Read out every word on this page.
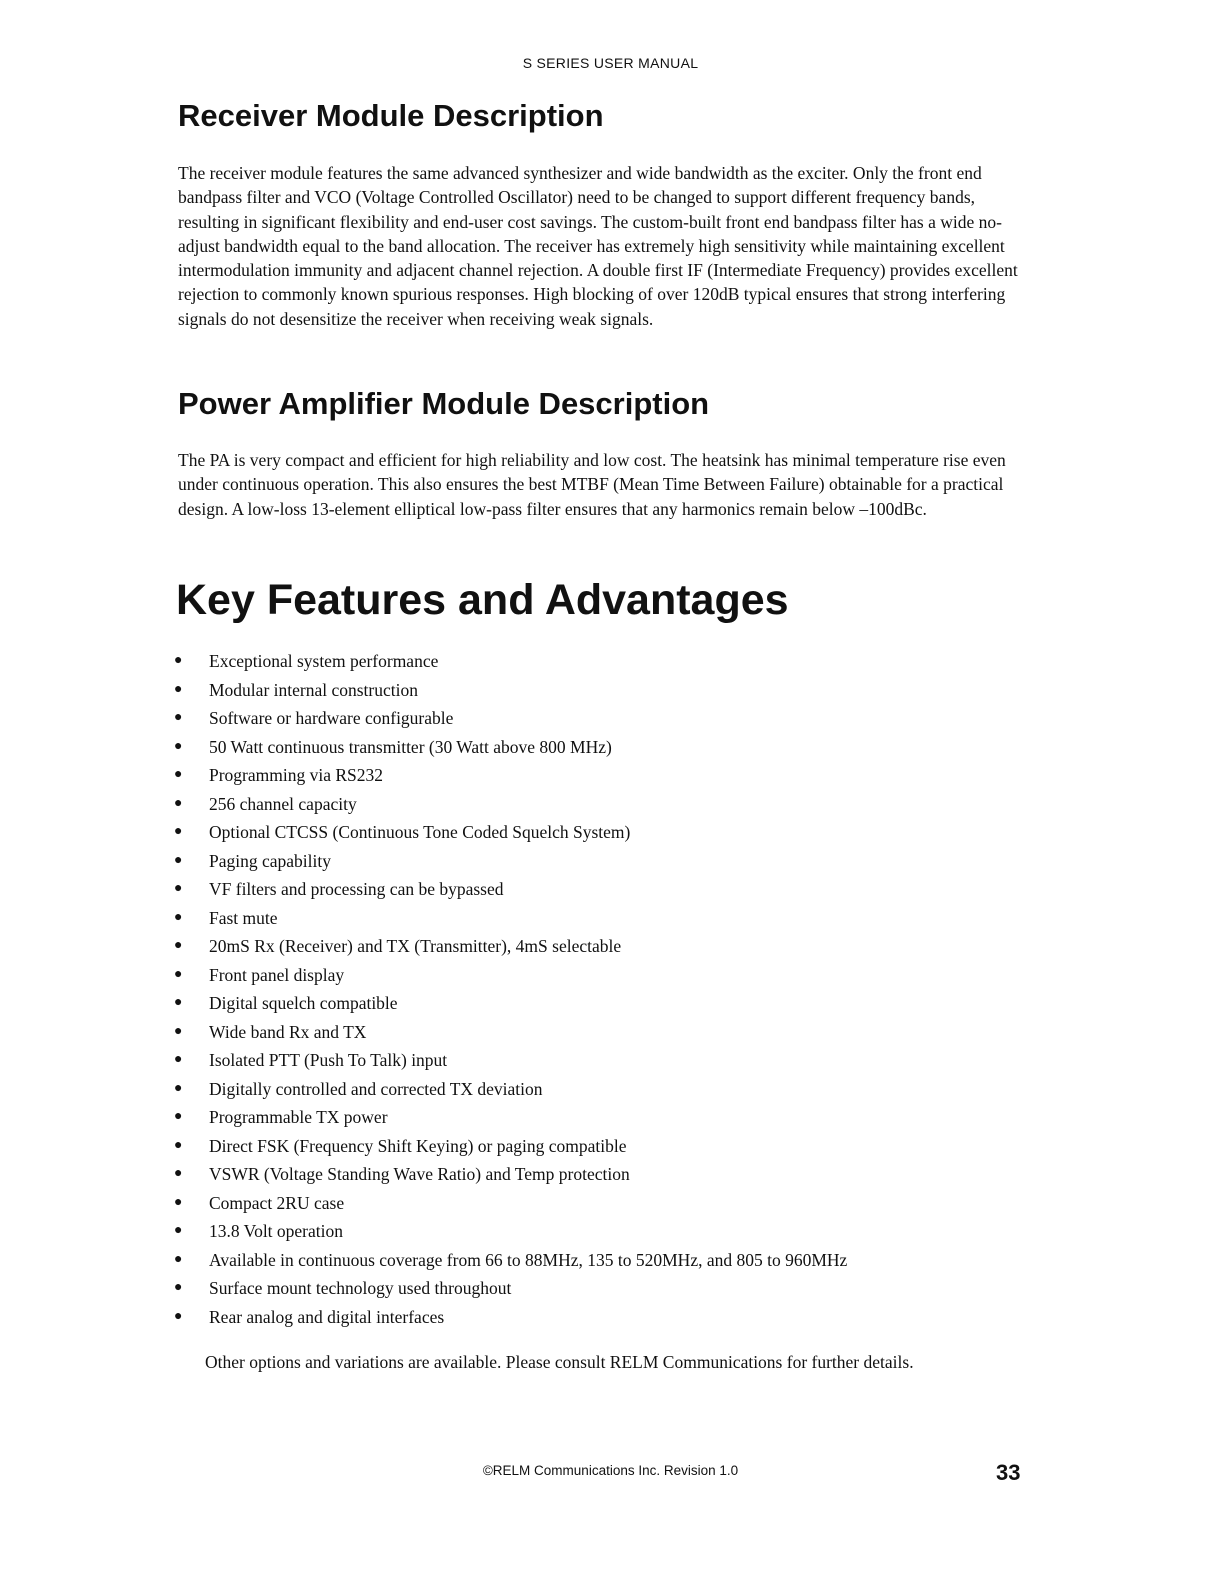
S SERIES USER MANUAL
Receiver Module Description

The receiver module features the same advanced synthesizer and wide bandwidth as the exciter. Only the front end bandpass filter and VCO (Voltage Controlled Oscillator) need to be changed to support different frequency bands, resulting in significant flexibility and end-user cost savings. The custom-built front end bandpass filter has a wide no-adjust bandwidth equal to the band allocation. The receiver has extremely high sensitivity while maintaining excellent intermodulation immunity and adjacent channel rejection. A double first IF (Intermediate Frequency) provides excellent rejection to commonly known spurious responses. High blocking of over 120dB typical ensures that strong interfering signals do not desensitize the receiver when receiving weak signals.

Power Amplifier Module Description

The PA is very compact and efficient for high reliability and low cost. The heatsink has minimal temperature rise even under continuous operation. This also ensures the best MTBF (Mean Time Between Failure) obtainable for a practical design. A low-loss 13-element elliptical low-pass filter ensures that any harmonics remain below –100dBc.

Key Features and Advantages
● Exceptional system performance
● Modular internal construction
● Software or hardware configurable
● 50 Watt continuous transmitter (30 Watt above 800 MHz)
● Programming via RS232
● 256 channel capacity
● Optional CTCSS (Continuous Tone Coded Squelch System)
● Paging capability
● VF filters and processing can be bypassed
● Fast mute
● 20mS Rx (Receiver) and TX (Transmitter), 4mS selectable
● Front panel display
● Digital squelch compatible
● Wide band Rx and TX
● Isolated PTT (Push To Talk) input
● Digitally controlled and corrected TX deviation
● Programmable TX power
● Direct FSK (Frequency Shift Keying) or paging compatible
● VSWR (Voltage Standing Wave Ratio) and Temp protection
● Compact 2RU case
● 13.8 Volt operation
● Available in continuous coverage from 66 to 88MHz, 135 to 520MHz, and 805 to 960MHz
● Surface mount technology used throughout
● Rear analog and digital interfaces

Other options and variations are available. Please consult RELM Communications for further details.

©RELM Communications Inc. Revision 1.0	33
